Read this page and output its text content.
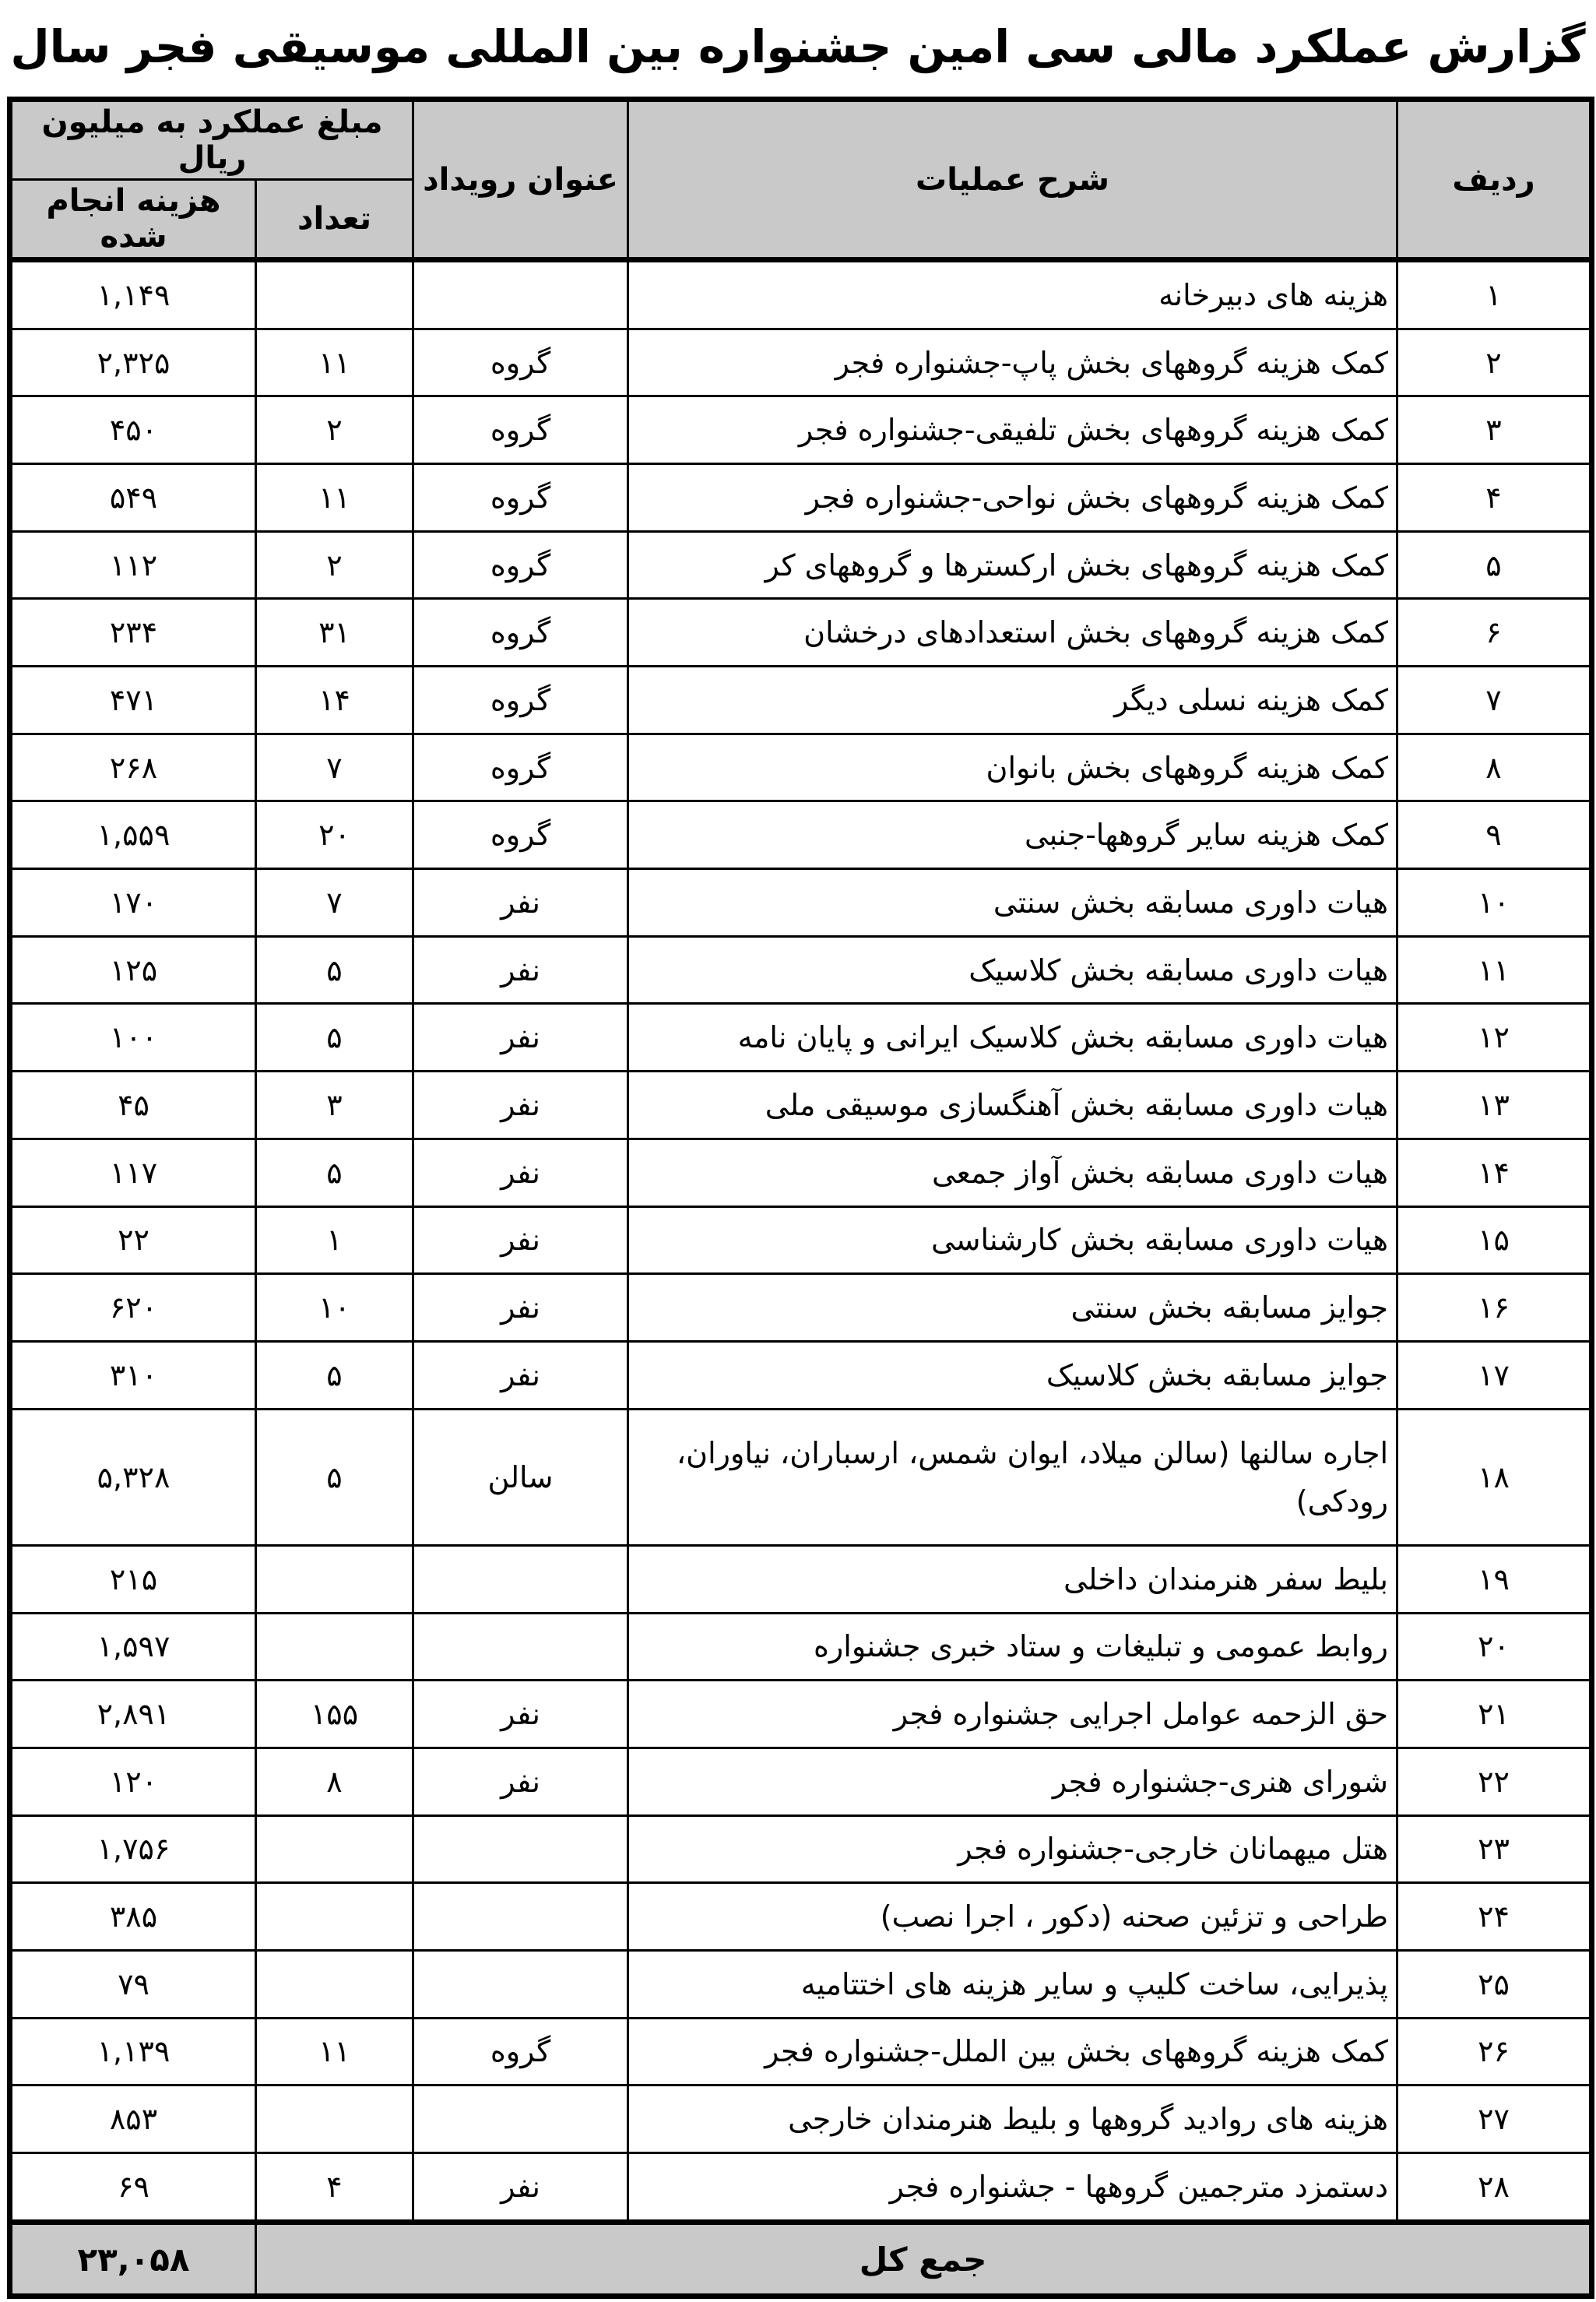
گزارش عملکرد مالی سی امین جشنواره بین المللی موسیقی فجر سال
ردیف	شرح عملیات	عنوان رویداد	مبلغ عملکرد به میلیون ریال	
			تعداد	هزینه انجام شده
۱	هزینه های دبیرخانه			۱,۱۴۹
۲	کمک هزینه گروههای بخش پاپ-جشنواره فجر	گروه	۱۱	۲,۳۲۵
۳	کمک هزینه گروههای بخش تلفیقی-جشنواره فجر	گروه	۲	۴۵۰
۴	کمک هزینه گروههای بخش نواحی-جشنواره فجر	گروه	۱۱	۵۴۹
۵	کمک هزینه گروههای بخش ارکسترها و گروههای کر	گروه	۲	۱۱۲
۶	کمک هزینه گروههای بخش استعدادهای درخشان	گروه	۳۱	۲۳۴
۷	کمک هزینه نسلی دیگر	گروه	۱۴	۴۷۱
۸	کمک هزینه گروههای بخش بانوان	گروه	۷	۲۶۸
۹	کمک هزینه سایر گروهها-جنبی	گروه	۲۰	۱,۵۵۹
۱۰	هیات داوری مسابقه بخش سنتی	نفر	۷	۱۷۰
۱۱	هیات داوری مسابقه بخش کلاسیک	نفر	۵	۱۲۵
۱۲	هیات داوری مسابقه بخش کلاسیک ایرانی و پایان نامه	نفر	۵	۱۰۰
۱۳	هیات داوری مسابقه بخش آهنگسازی موسیقی ملی	نفر	۳	۴۵
۱۴	هیات داوری مسابقه بخش آواز جمعی	نفر	۵	۱۱۷
۱۵	هیات داوری مسابقه بخش کارشناسی	نفر	۱	۲۲
۱۶	جوایز مسابقه بخش سنتی	نفر	۱۰	۶۲۰
۱۷	جوایز مسابقه بخش کلاسیک	نفر	۵	۳۱۰
۱۸	اجاره سالنها (سالن میلاد، ایوان شمس، ارسباران، نیاوران، رودکی)	سالن	۵	۵,۳۲۸
۱۹	بلیط سفر هنرمندان داخلی			۲۱۵
۲۰	روابط عمومی و تبلیغات و ستاد خبری جشنواره			۱,۵۹۷
۲۱	حق الزحمه عوامل اجرایی جشنواره فجر	نفر	۱۵۵	۲,۸۹۱
۲۲	شورای هنری-جشنواره فجر	نفر	۸	۱۲۰
۲۳	هتل میهمانان خارجی-جشنواره فجر			۱,۷۵۶
۲۴	طراحی و تزئین صحنه (دکور ، اجرا نصب)			۳۸۵
۲۵	پذیرایی، ساخت کلیپ و سایر هزینه های اختتامیه			۷۹
۲۶	کمک هزینه گروههای بخش بین الملل-جشنواره فجر	گروه	۱۱	۱,۱۳۹
۲۷	هزینه های روادید گروهها و بلیط هنرمندان خارجی			۸۵۳
۲۸	دستمزد مترجمین گروهها - جشنواره فجر	نفر	۴	۶۹
جمع کل				۲۳,۰۵۸
